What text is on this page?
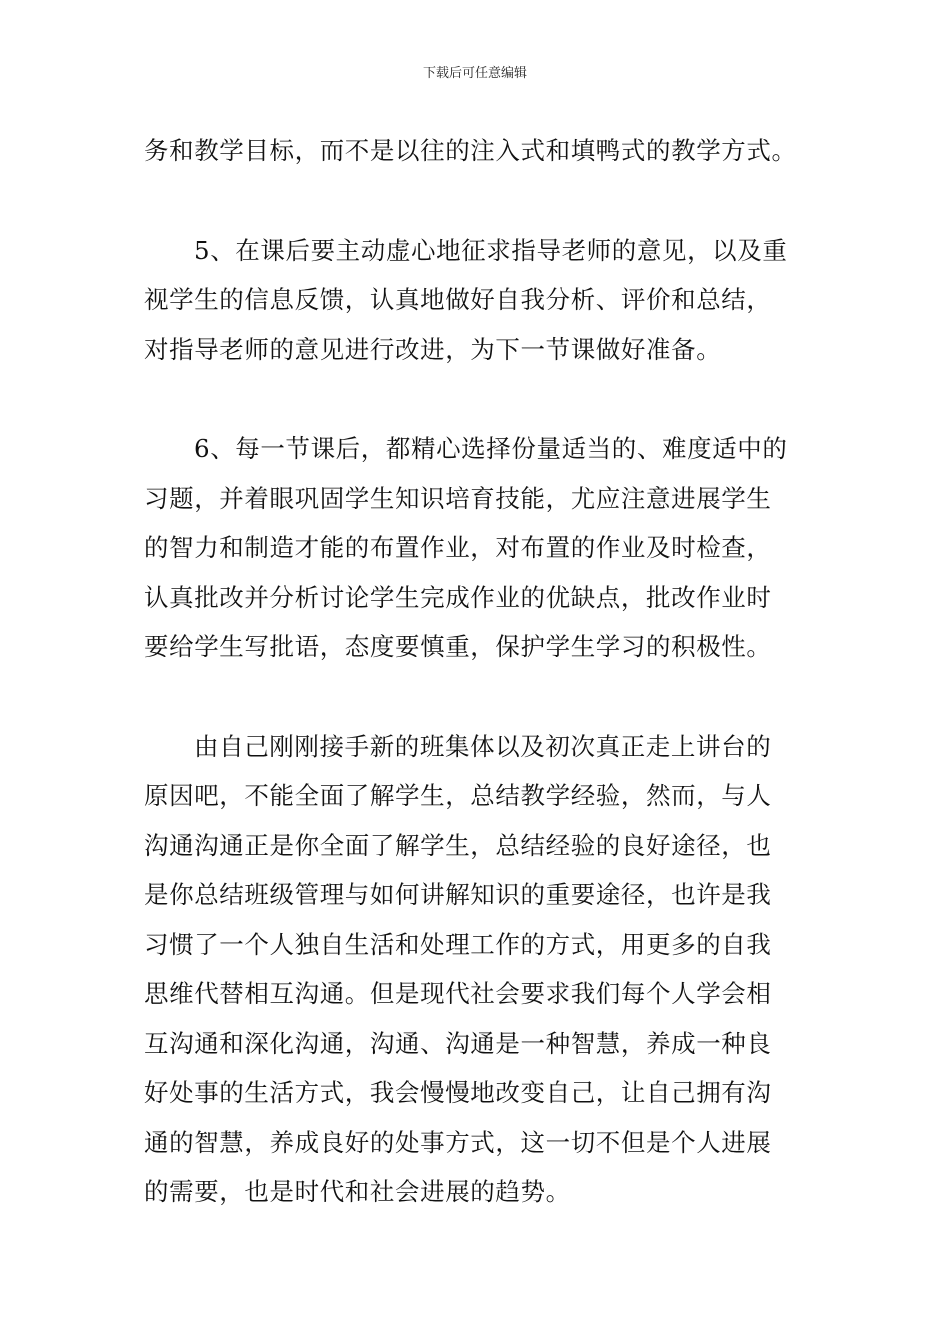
下载后可任意编辑

务和教学目标，而不是以往的注入式和填鸭式的教学方式。

5、在课后要主动虚心地征求指导老师的意见，以及重
视学生的信息反馈，认真地做好自我分析、评价和总结，
对指导老师的意见进行改进，为下一节课做好准备。

6、每一节课后，都精心选择份量适当的、难度适中的
习题，并着眼巩固学生知识培育技能，尤应注意进展学生
的智力和制造才能的布置作业，对布置的作业及时检查，
认真批改并分析讨论学生完成作业的优缺点，批改作业时
要给学生写批语，态度要慎重，保护学生学习的积极性。

由自己刚刚接手新的班集体以及初次真正走上讲台的
原因吧，不能全面了解学生，总结教学经验，然而，与人
沟通沟通正是你全面了解学生，总结经验的良好途径，也
是你总结班级管理与如何讲解知识的重要途径，也许是我
习惯了一个人独自生活和处理工作的方式，用更多的自我
思维代替相互沟通。但是现代社会要求我们每个人学会相
互沟通和深化沟通，沟通、沟通是一种智慧，养成一种良
好处事的生活方式，我会慢慢地改变自己，让自己拥有沟
通的智慧，养成良好的处事方式，这一切不但是个人进展
的需要，也是时代和社会进展的趋势。
